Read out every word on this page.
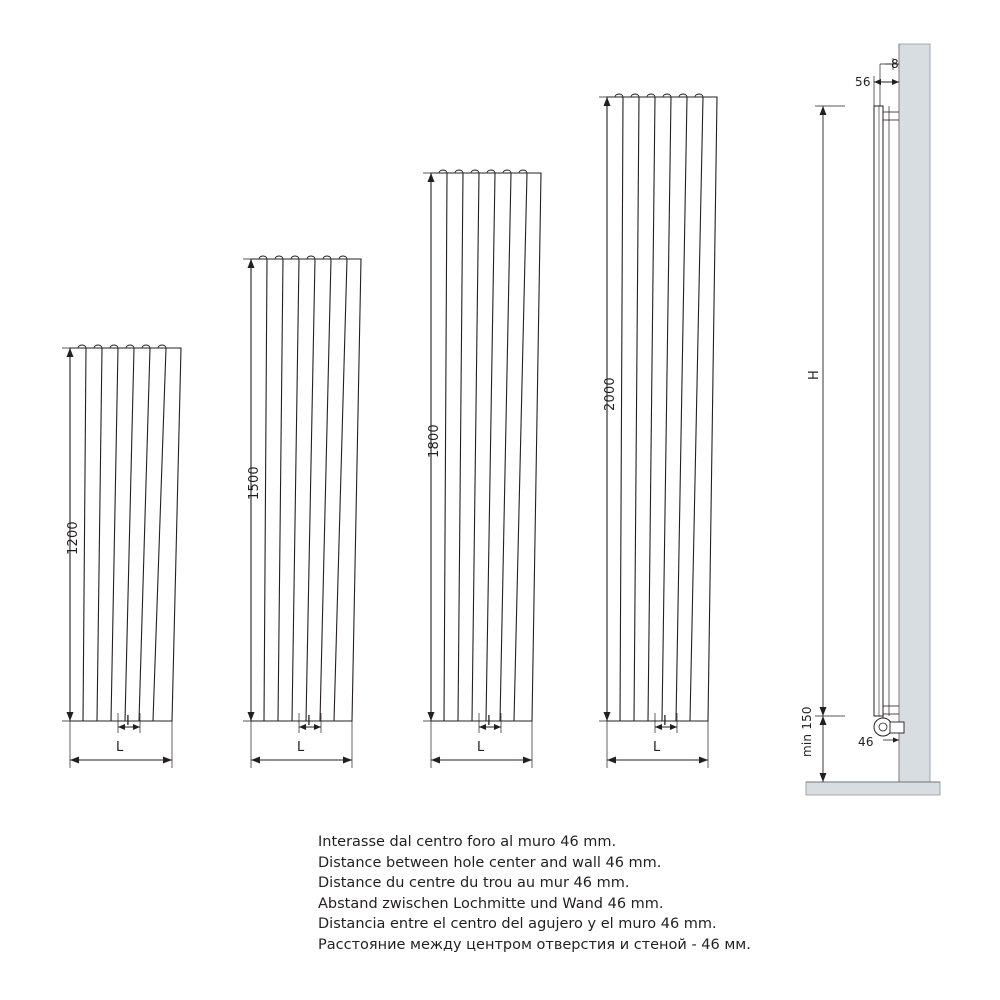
1200
I
L
1500
I
L
1800
I
L
2000
I
L
H
56
8
min 150	46
Interasse dal centro foro al muro 46 mm.
Distance between hole center and wall 46 mm.
Distance du centre du trou au mur 46 mm.
Abstand zwischen Lochmitte und Wand 46 mm.
Distancia entre el centro del agujero y el muro 46 mm.
Расстояние между центром отверстия и стеной - 46 мм.
